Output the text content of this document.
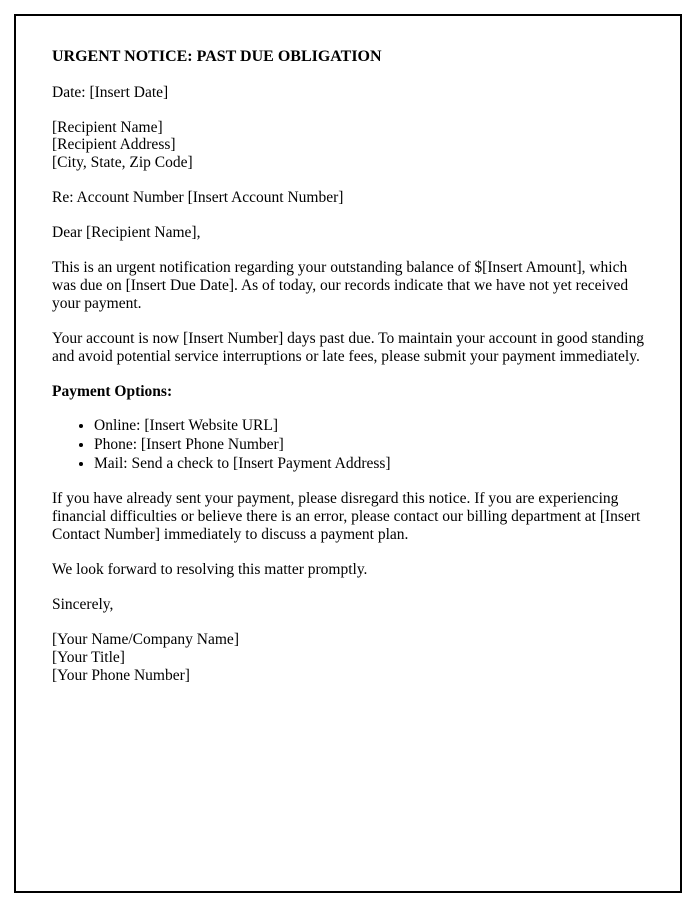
URGENT NOTICE: PAST DUE OBLIGATION

Date: [Insert Date]

[Recipient Name]
[Recipient Address]
[City, State, Zip Code]

Re: Account Number [Insert Account Number]

Dear [Recipient Name],

This is an urgent notification regarding your outstanding balance of $[Insert Amount], which was due on [Insert Due Date]. As of today, our records indicate that we have not yet received your payment.

Your account is now [Insert Number] days past due. To maintain your account in good standing and avoid potential service interruptions or late fees, please submit your payment immediately.

Payment Options:

• Online: [Insert Website URL]
• Phone: [Insert Phone Number]
• Mail: Send a check to [Insert Payment Address]

If you have already sent your payment, please disregard this notice. If you are experiencing financial difficulties or believe there is an error, please contact our billing department at [Insert Contact Number] immediately to discuss a payment plan.

We look forward to resolving this matter promptly.

Sincerely,

[Your Name/Company Name]
[Your Title]
[Your Phone Number]
